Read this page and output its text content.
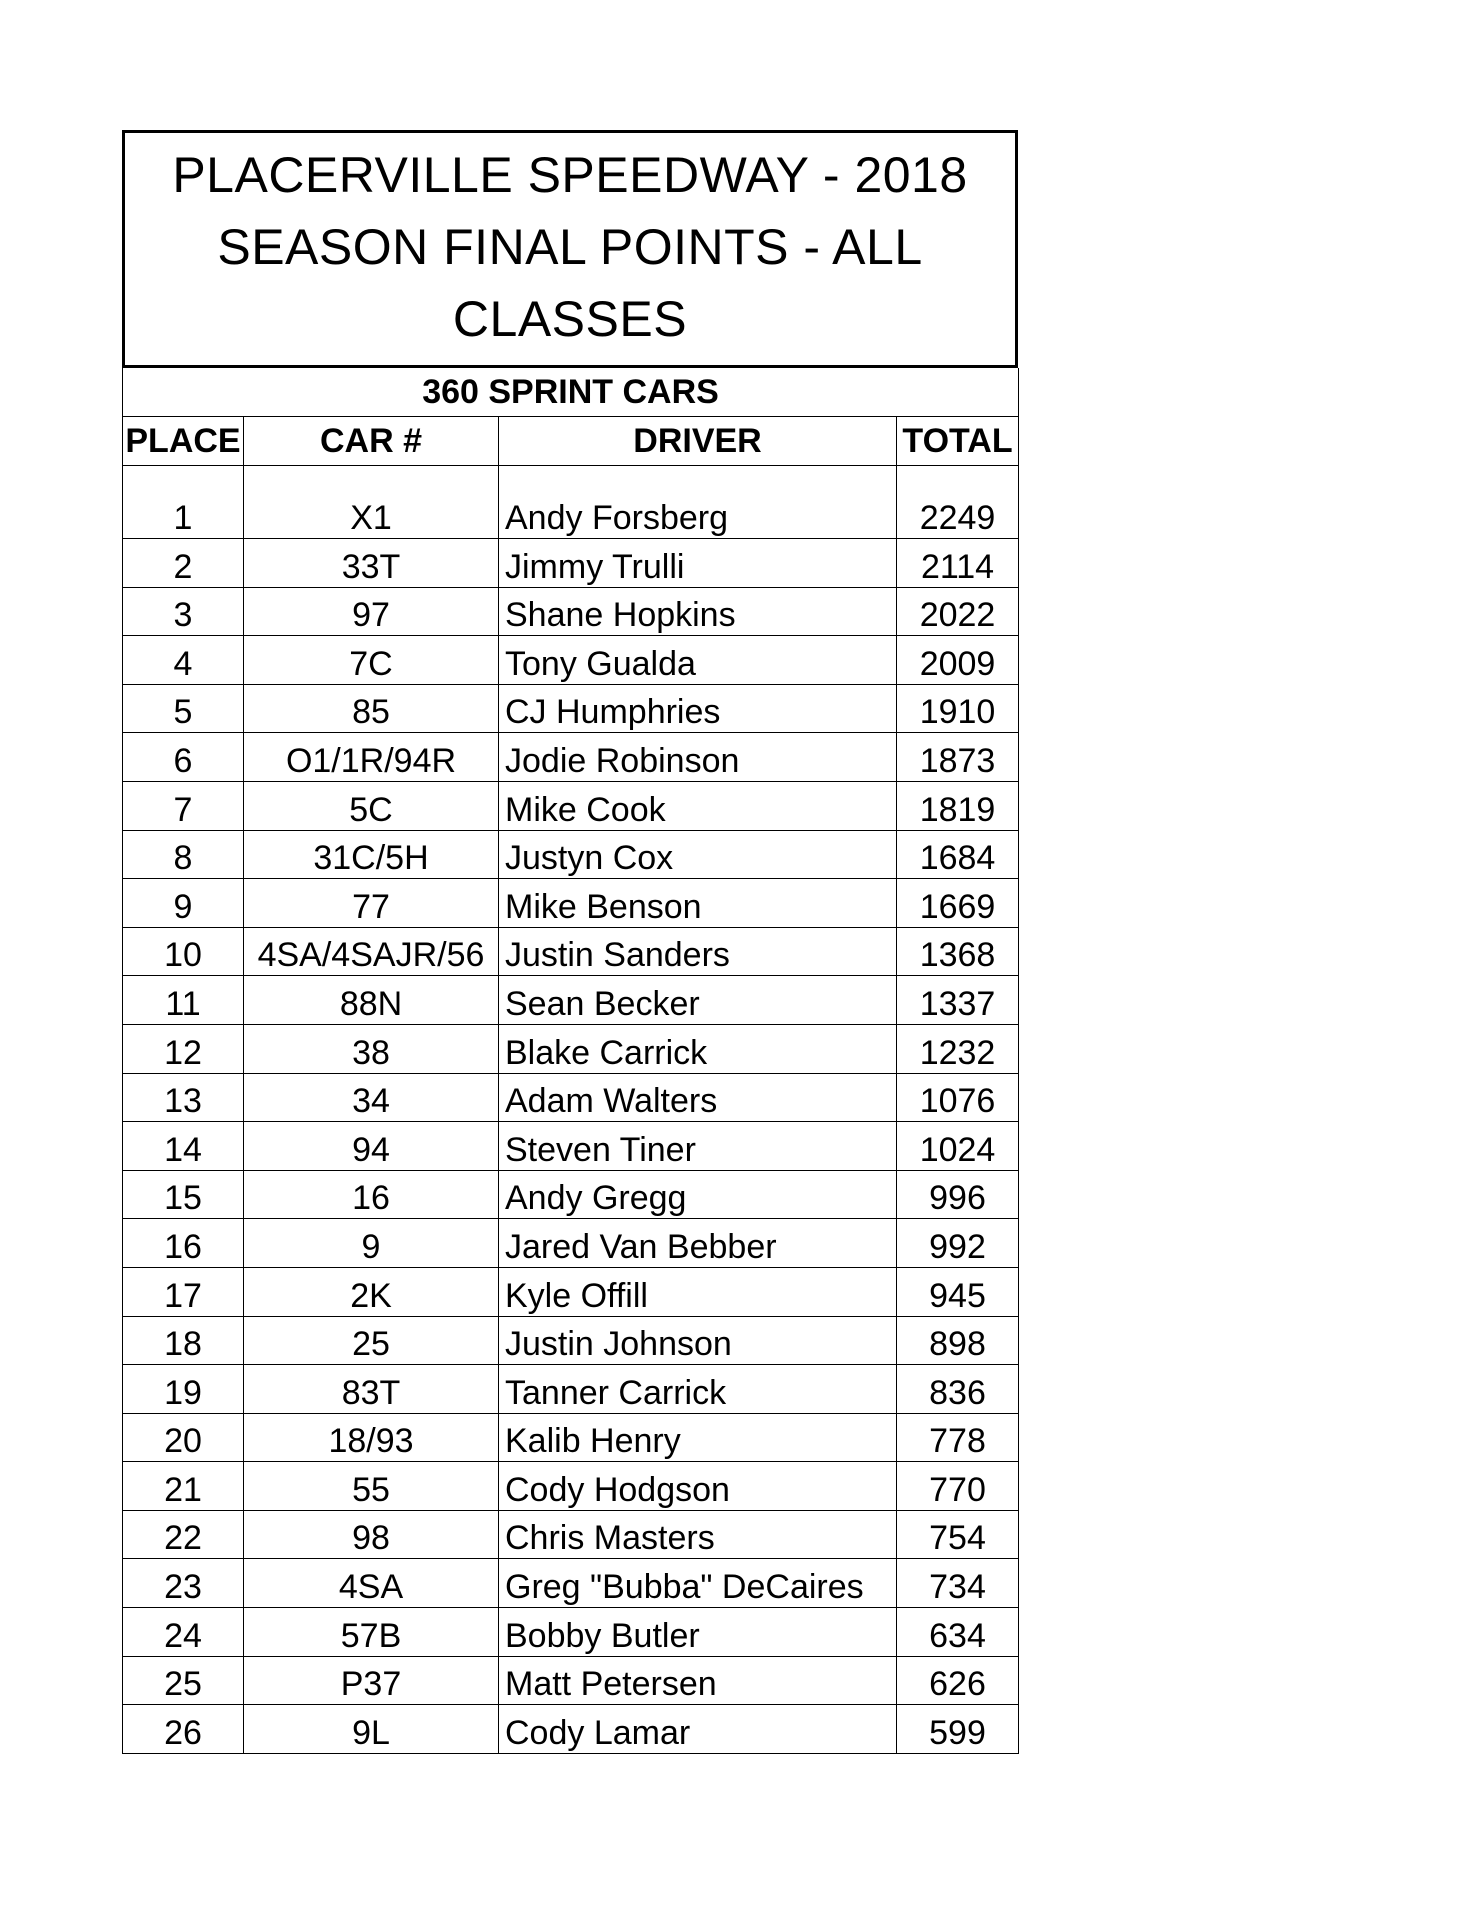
PLACERVILLE SPEEDWAY - 2018
SEASON FINAL POINTS - ALL CLASSES
360 SPRINT CARS			
PLACE	CAR #	DRIVER	TOTAL
1	X1	Andy Forsberg	2249
2	33T	Jimmy Trulli	2114
3	97	Shane Hopkins	2022
4	7C	Tony Gualda	2009
5	85	CJ Humphries	1910
6	O1/1R/94R	Jodie Robinson	1873
7	5C	Mike Cook	1819
8	31C/5H	Justyn Cox	1684
9	77	Mike Benson	1669
10	4SA/4SAJR/56	Justin Sanders	1368
11	88N	Sean Becker	1337
12	38	Blake Carrick	1232
13	34	Adam Walters	1076
14	94	Steven Tiner	1024
15	16	Andy Gregg	996
16	9	Jared Van Bebber	992
17	2K	Kyle Offill	945
18	25	Justin Johnson	898
19	83T	Tanner Carrick	836
20	18/93	Kalib Henry	778
21	55	Cody Hodgson	770
22	98	Chris Masters	754
23	4SA	Greg "Bubba" DeCaires	734
24	57B	Bobby Butler	634
25	P37	Matt Petersen	626
26	9L	Cody Lamar	599
